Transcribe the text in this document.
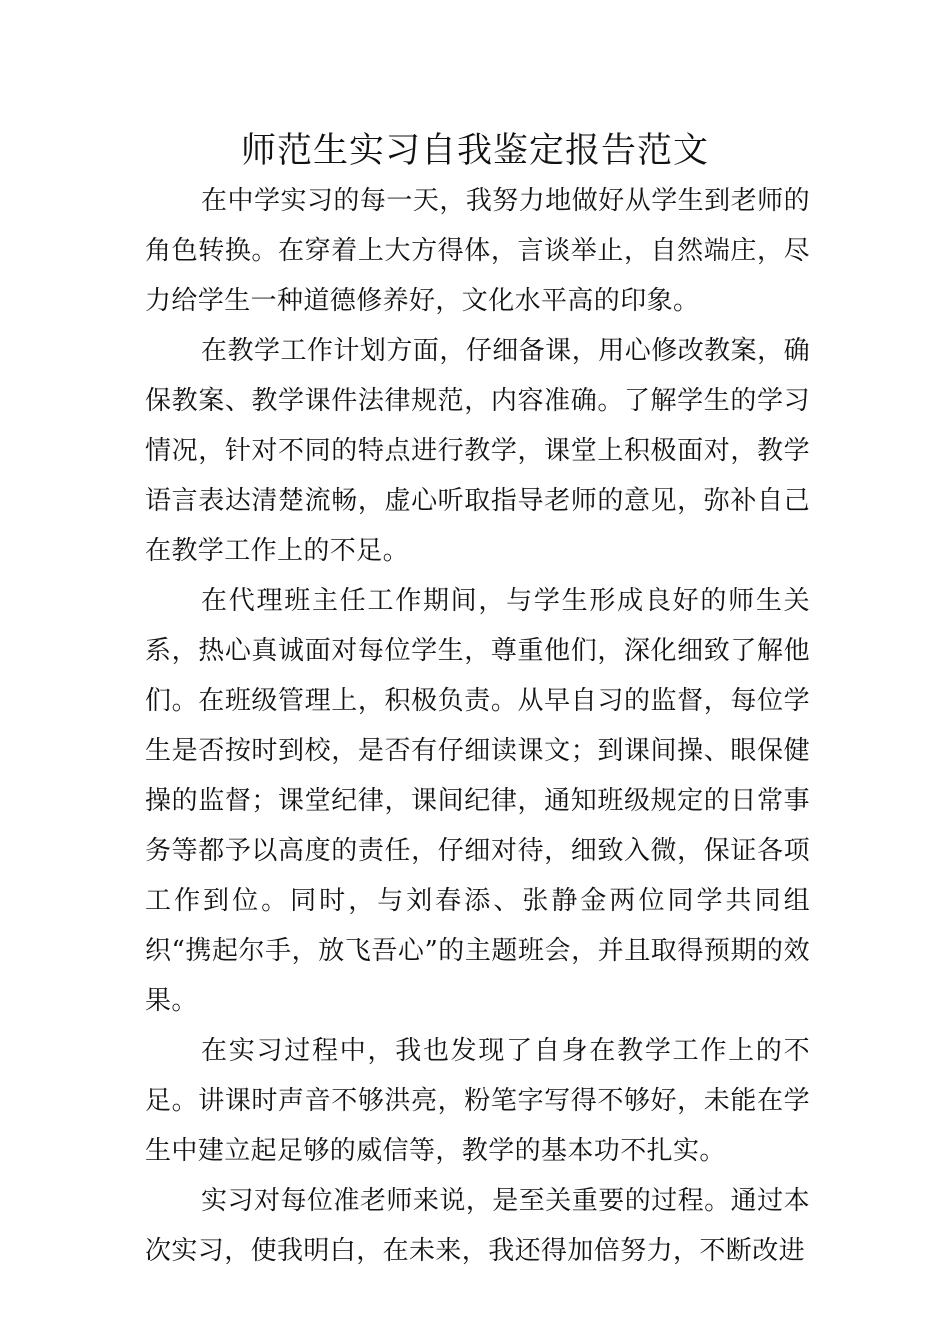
师范生实习自我鉴定报告范文

在中学实习的每一天，我努力地做好从学生到老师的角色转换。在穿着上大方得体，言谈举止，自然端庄，尽力给学生一种道德修养好，文化水平高的印象。

在教学工作计划方面，仔细备课，用心修改教案，确保教案、教学课件法律规范，内容准确。了解学生的学习情况，针对不同的特点进行教学，课堂上积极面对，教学语言表达清楚流畅，虚心听取指导老师的意见，弥补自己在教学工作上的不足。

在代理班主任工作期间，与学生形成良好的师生关系，热心真诚面对每位学生，尊重他们，深化细致了解他们。在班级管理上，积极负责。从早自习的监督，每位学生是否按时到校，是否有仔细读课文；到课间操、眼保健操的监督；课堂纪律，课间纪律，通知班级规定的日常事务等都予以高度的责任，仔细对待，细致入微，保证各项工作到位。同时，与刘春添、张静金两位同学共同组织“携起尔手，放飞吾心”的主题班会，并且取得预期的效果。

在实习过程中，我也发现了自身在教学工作上的不足。讲课时声音不够洪亮，粉笔字写得不够好，未能在学生中建立起足够的威信等，教学的基本功不扎实。

实习对每位准老师来说，是至关重要的过程。通过本次实习，使我明白，在未来，我还得加倍努力，不断改进
